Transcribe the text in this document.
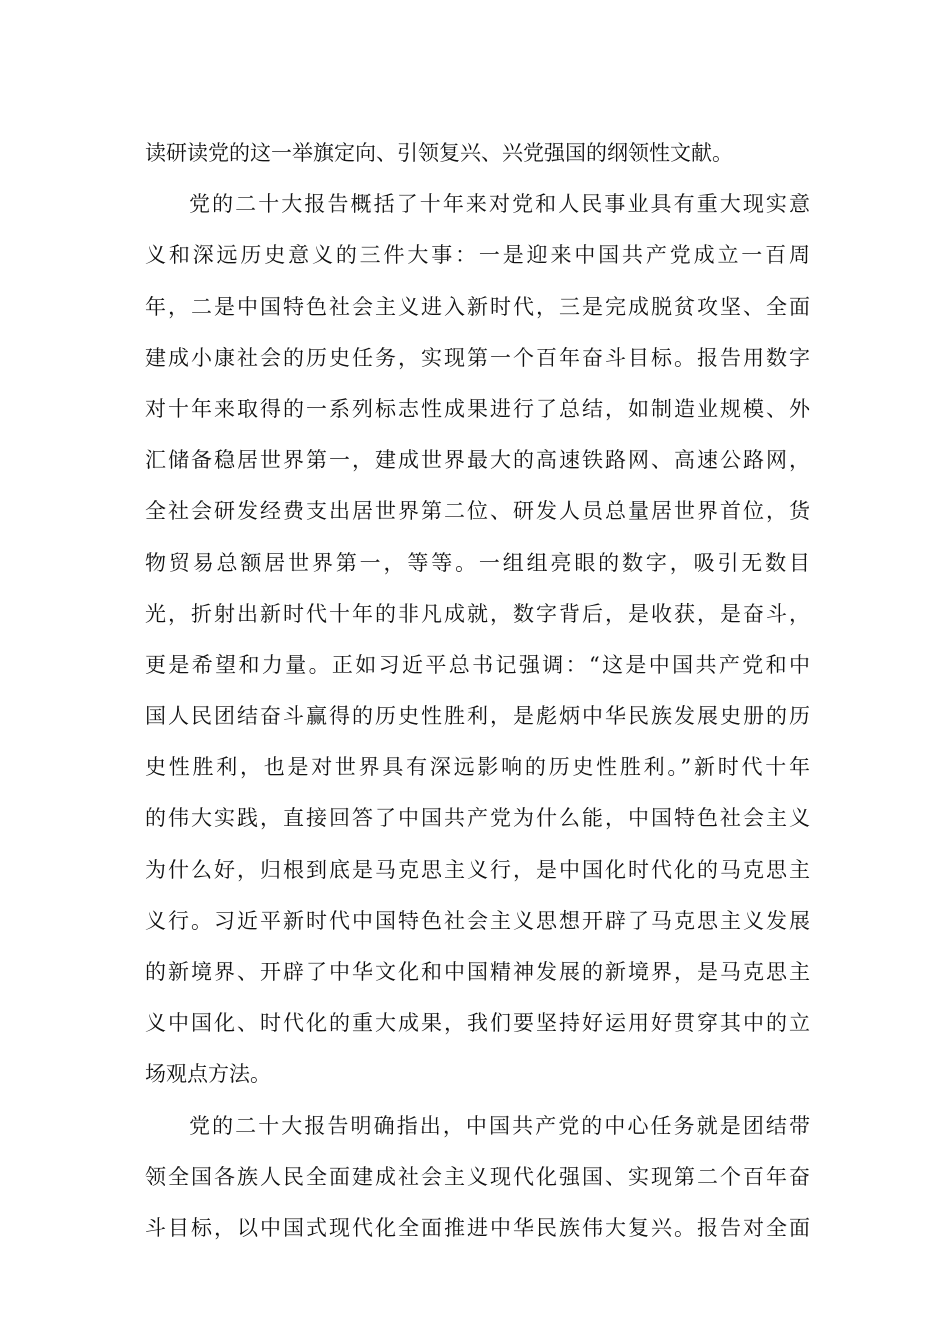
读研读党的这一举旗定向、引领复兴、兴党强国的纲领性文献。
党的二十大报告概括了十年来对党和人民事业具有重大现实意
义和深远历史意义的三件大事：一是迎来中国共产党成立一百周
年，二是中国特色社会主义进入新时代，三是完成脱贫攻坚、全面
建成小康社会的历史任务，实现第一个百年奋斗目标。报告用数字
对十年来取得的一系列标志性成果进行了总结，如制造业规模、外
汇储备稳居世界第一，建成世界最大的高速铁路网、高速公路网，
全社会研发经费支出居世界第二位、研发人员总量居世界首位，货
物贸易总额居世界第一，等等。一组组亮眼的数字，吸引无数目
光，折射出新时代十年的非凡成就，数字背后，是收获，是奋斗，
更是希望和力量。正如习近平总书记强调：“这是中国共产党和中
国人民团结奋斗赢得的历史性胜利，是彪炳中华民族发展史册的历
史性胜利，也是对世界具有深远影响的历史性胜利。”新时代十年
的伟大实践，直接回答了中国共产党为什么能，中国特色社会主义
为什么好，归根到底是马克思主义行，是中国化时代化的马克思主
义行。习近平新时代中国特色社会主义思想开辟了马克思主义发展
的新境界、开辟了中华文化和中国精神发展的新境界，是马克思主
义中国化、时代化的重大成果，我们要坚持好运用好贯穿其中的立
场观点方法。
党的二十大报告明确指出，中国共产党的中心任务就是团结带
领全国各族人民全面建成社会主义现代化强国、实现第二个百年奋
斗目标，以中国式现代化全面推进中华民族伟大复兴。报告对全面
